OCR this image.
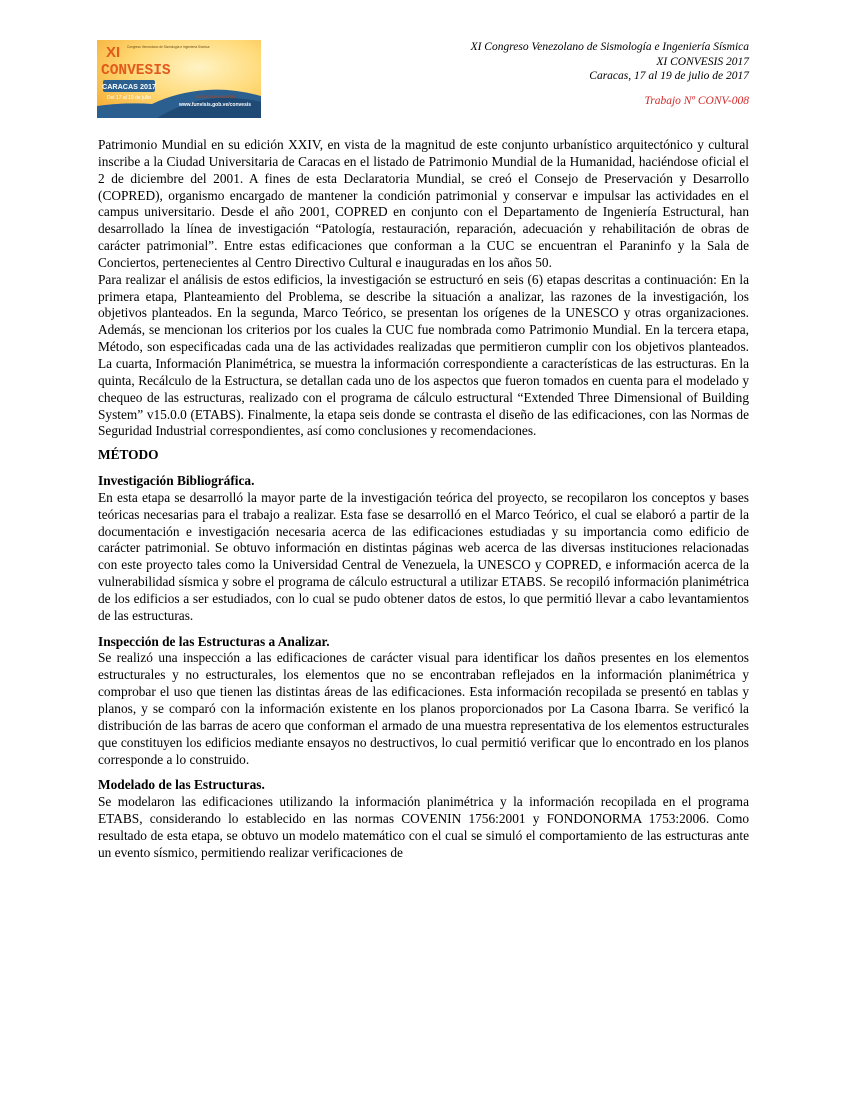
CARACAS 2017
Del 17 al 19 de julio
XI
CONVESIS
Congreso Venezolano de Sismología e Ingeniería Sísmica
Inscripciones abiertas
www.funvisis.gob.ve/convesis
XI Congreso Venezolano de Sismología e Ingeniería Sísmica
XI CONVESIS 2017
Caracas, 17 al 19 de julio de 2017
Trabajo Nº CONV-008

Patrimonio Mundial en su edición XXIV, en vista de la magnitud de este conjunto urbanístico arquitectónico y cultural inscribe a la Ciudad Universitaria de Caracas en el listado de Patrimonio Mundial de la Humanidad, haciéndose oficial el 2 de diciembre del 2001. A fines de esta Declaratoria Mundial, se creó el Consejo de Preservación y Desarrollo (COPRED), organismo encargado de mantener la condición patrimonial y conservar e impulsar las actividades en el campus universitario. Desde el año 2001, COPRED en conjunto con el Departamento de Ingeniería Estructural, han desarrollado la línea de investigación “Patología, restauración, reparación, adecuación y rehabilitación de obras de carácter patrimonial”. Entre estas edificaciones que conforman a la CUC se encuentran el Paraninfo y la Sala de Conciertos, pertenecientes al Centro Directivo Cultural e inauguradas en los años 50.

Para realizar el análisis de estos edificios, la investigación se estructuró en seis (6) etapas descritas a continuación: En la primera etapa, Planteamiento del Problema, se describe la situación a analizar, las razones de la investigación, los objetivos planteados. En la segunda, Marco Teórico, se presentan los orígenes de la UNESCO y otras organizaciones. Además, se mencionan los criterios por los cuales la CUC fue nombrada como Patrimonio Mundial. En la tercera etapa, Método, son especificadas cada una de las actividades realizadas que permitieron cumplir con los objetivos planteados. La cuarta, Información Planimétrica, se muestra la información correspondiente a características de las estructuras. En la quinta, Recálculo de la Estructura, se detallan cada uno de los aspectos que fueron tomados en cuenta para el modelado y chequeo de las estructuras, realizado con el programa de cálculo estructural “Extended Three Dimensional of Building System” v15.0.0 (ETABS). Finalmente, la etapa seis donde se contrasta el diseño de las edificaciones, con las Normas de Seguridad Industrial correspondientes, así como conclusiones y recomendaciones.

MÉTODO

Investigación Bibliográfica.

En esta etapa se desarrolló la mayor parte de la investigación teórica del proyecto, se recopilaron los conceptos y bases teóricas necesarias para el trabajo a realizar. Esta fase se desarrolló en el Marco Teórico, el cual se elaboró a partir de la documentación e investigación necesaria acerca de las edificaciones estudiadas y su importancia como edificio de carácter patrimonial. Se obtuvo información en distintas páginas web acerca de las diversas instituciones relacionadas con este proyecto tales como la Universidad Central de Venezuela, la UNESCO y COPRED, e información acerca de la vulnerabilidad sísmica y sobre el programa de cálculo estructural a utilizar ETABS. Se recopiló información planimétrica de los edificios a ser estudiados, con lo cual se pudo obtener datos de estos, lo que permitió llevar a cabo levantamientos de las estructuras.

Inspección de las Estructuras a Analizar.

Se realizó una inspección a las edificaciones de carácter visual para identificar los daños presentes en los elementos estructurales y no estructurales, los elementos que no se encontraban reflejados en la información planimétrica y comprobar el uso que tienen las distintas áreas de las edificaciones. Esta información recopilada se presentó en tablas y planos, y se comparó con la información existente en los planos proporcionados por La Casona Ibarra. Se verificó la distribución de las barras de acero que conforman el armado de una muestra representativa de los elementos estructurales que constituyen los edificios mediante ensayos no destructivos, lo cual permitió verificar que lo encontrado en los planos corresponde a lo construido.

Modelado de las Estructuras.

Se modelaron las edificaciones utilizando la información planimétrica y la información recopilada en el programa ETABS, considerando lo establecido en las normas COVENIN 1756:2001 y FONDONORMA 1753:2006. Como resultado de esta etapa, se obtuvo un modelo matemático con el cual se simuló el comportamiento de las estructuras ante un evento sísmico, permitiendo realizar verificaciones de
